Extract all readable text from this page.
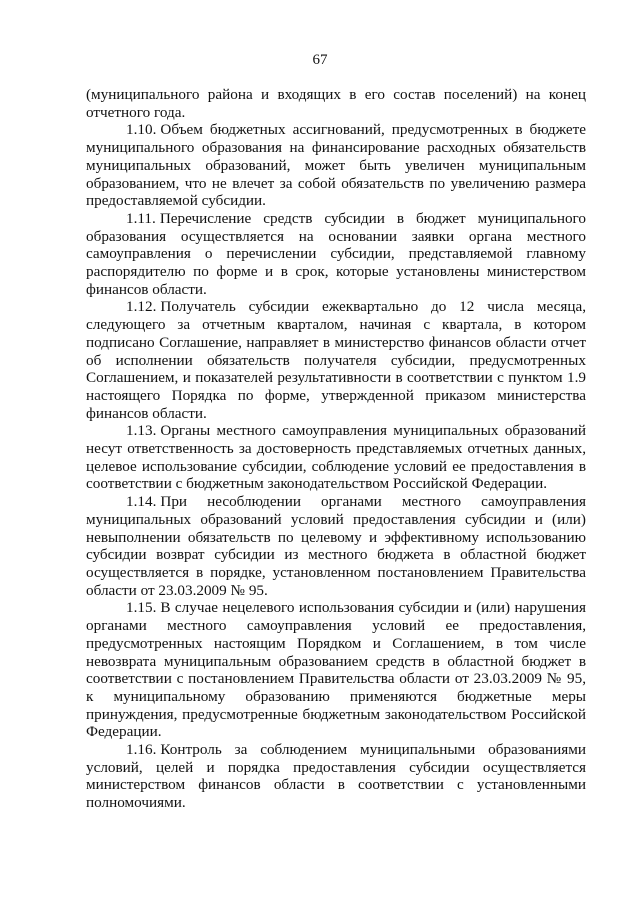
67

(муниципального района и входящих в его состав поселений) на конец отчетного года.

1.10. Объем бюджетных ассигнований, предусмотренных в бюджете муниципального образования на финансирование расходных обязательств муниципальных образований, может быть увеличен муниципальным образованием, что не влечет за собой обязательств по увеличению размера предоставляемой субсидии.

1.11. Перечисление средств субсидии в бюджет муниципального образования осуществляется на основании заявки органа местного самоуправления о перечислении субсидии, представляемой главному распорядителю по форме и в срок, которые установлены министерством финансов области.

1.12. Получатель субсидии ежеквартально до 12 числа месяца, следующего за отчетным кварталом, начиная с квартала, в котором подписано Соглашение, направляет в министерство финансов области отчет об исполнении обязательств получателя субсидии, предусмотренных Соглашением, и показателей результативности в соответствии с пунктом 1.9 настоящего Порядка по форме, утвержденной приказом министерства финансов области.

1.13. Органы местного самоуправления муниципальных образований несут ответственность за достоверность представляемых отчетных данных, целевое использование субсидии, соблюдение условий ее предоставления в соответствии с бюджетным законодательством Российской Федерации.

1.14. При несоблюдении органами местного самоуправления муниципальных образований условий предоставления субсидии и (или) невыполнении обязательств по целевому и эффективному использованию субсидии возврат субсидии из местного бюджета в областной бюджет осуществляется в порядке, установленном постановлением Правительства области от 23.03.2009 № 95.

1.15. В случае нецелевого использования субсидии и (или) нарушения органами местного самоуправления условий ее предоставления, предусмотренных настоящим Порядком и Соглашением, в том числе невозврата муниципальным образованием средств в областной бюджет в соответствии с постановлением Правительства области от 23.03.2009 № 95, к муниципальному образованию применяются бюджетные меры принуждения, предусмотренные бюджетным законодательством Российской Федерации.

1.16. Контроль за соблюдением муниципальными образованиями условий, целей и порядка предоставления субсидии осуществляется министерством финансов области в соответствии с установленными полномочиями.
